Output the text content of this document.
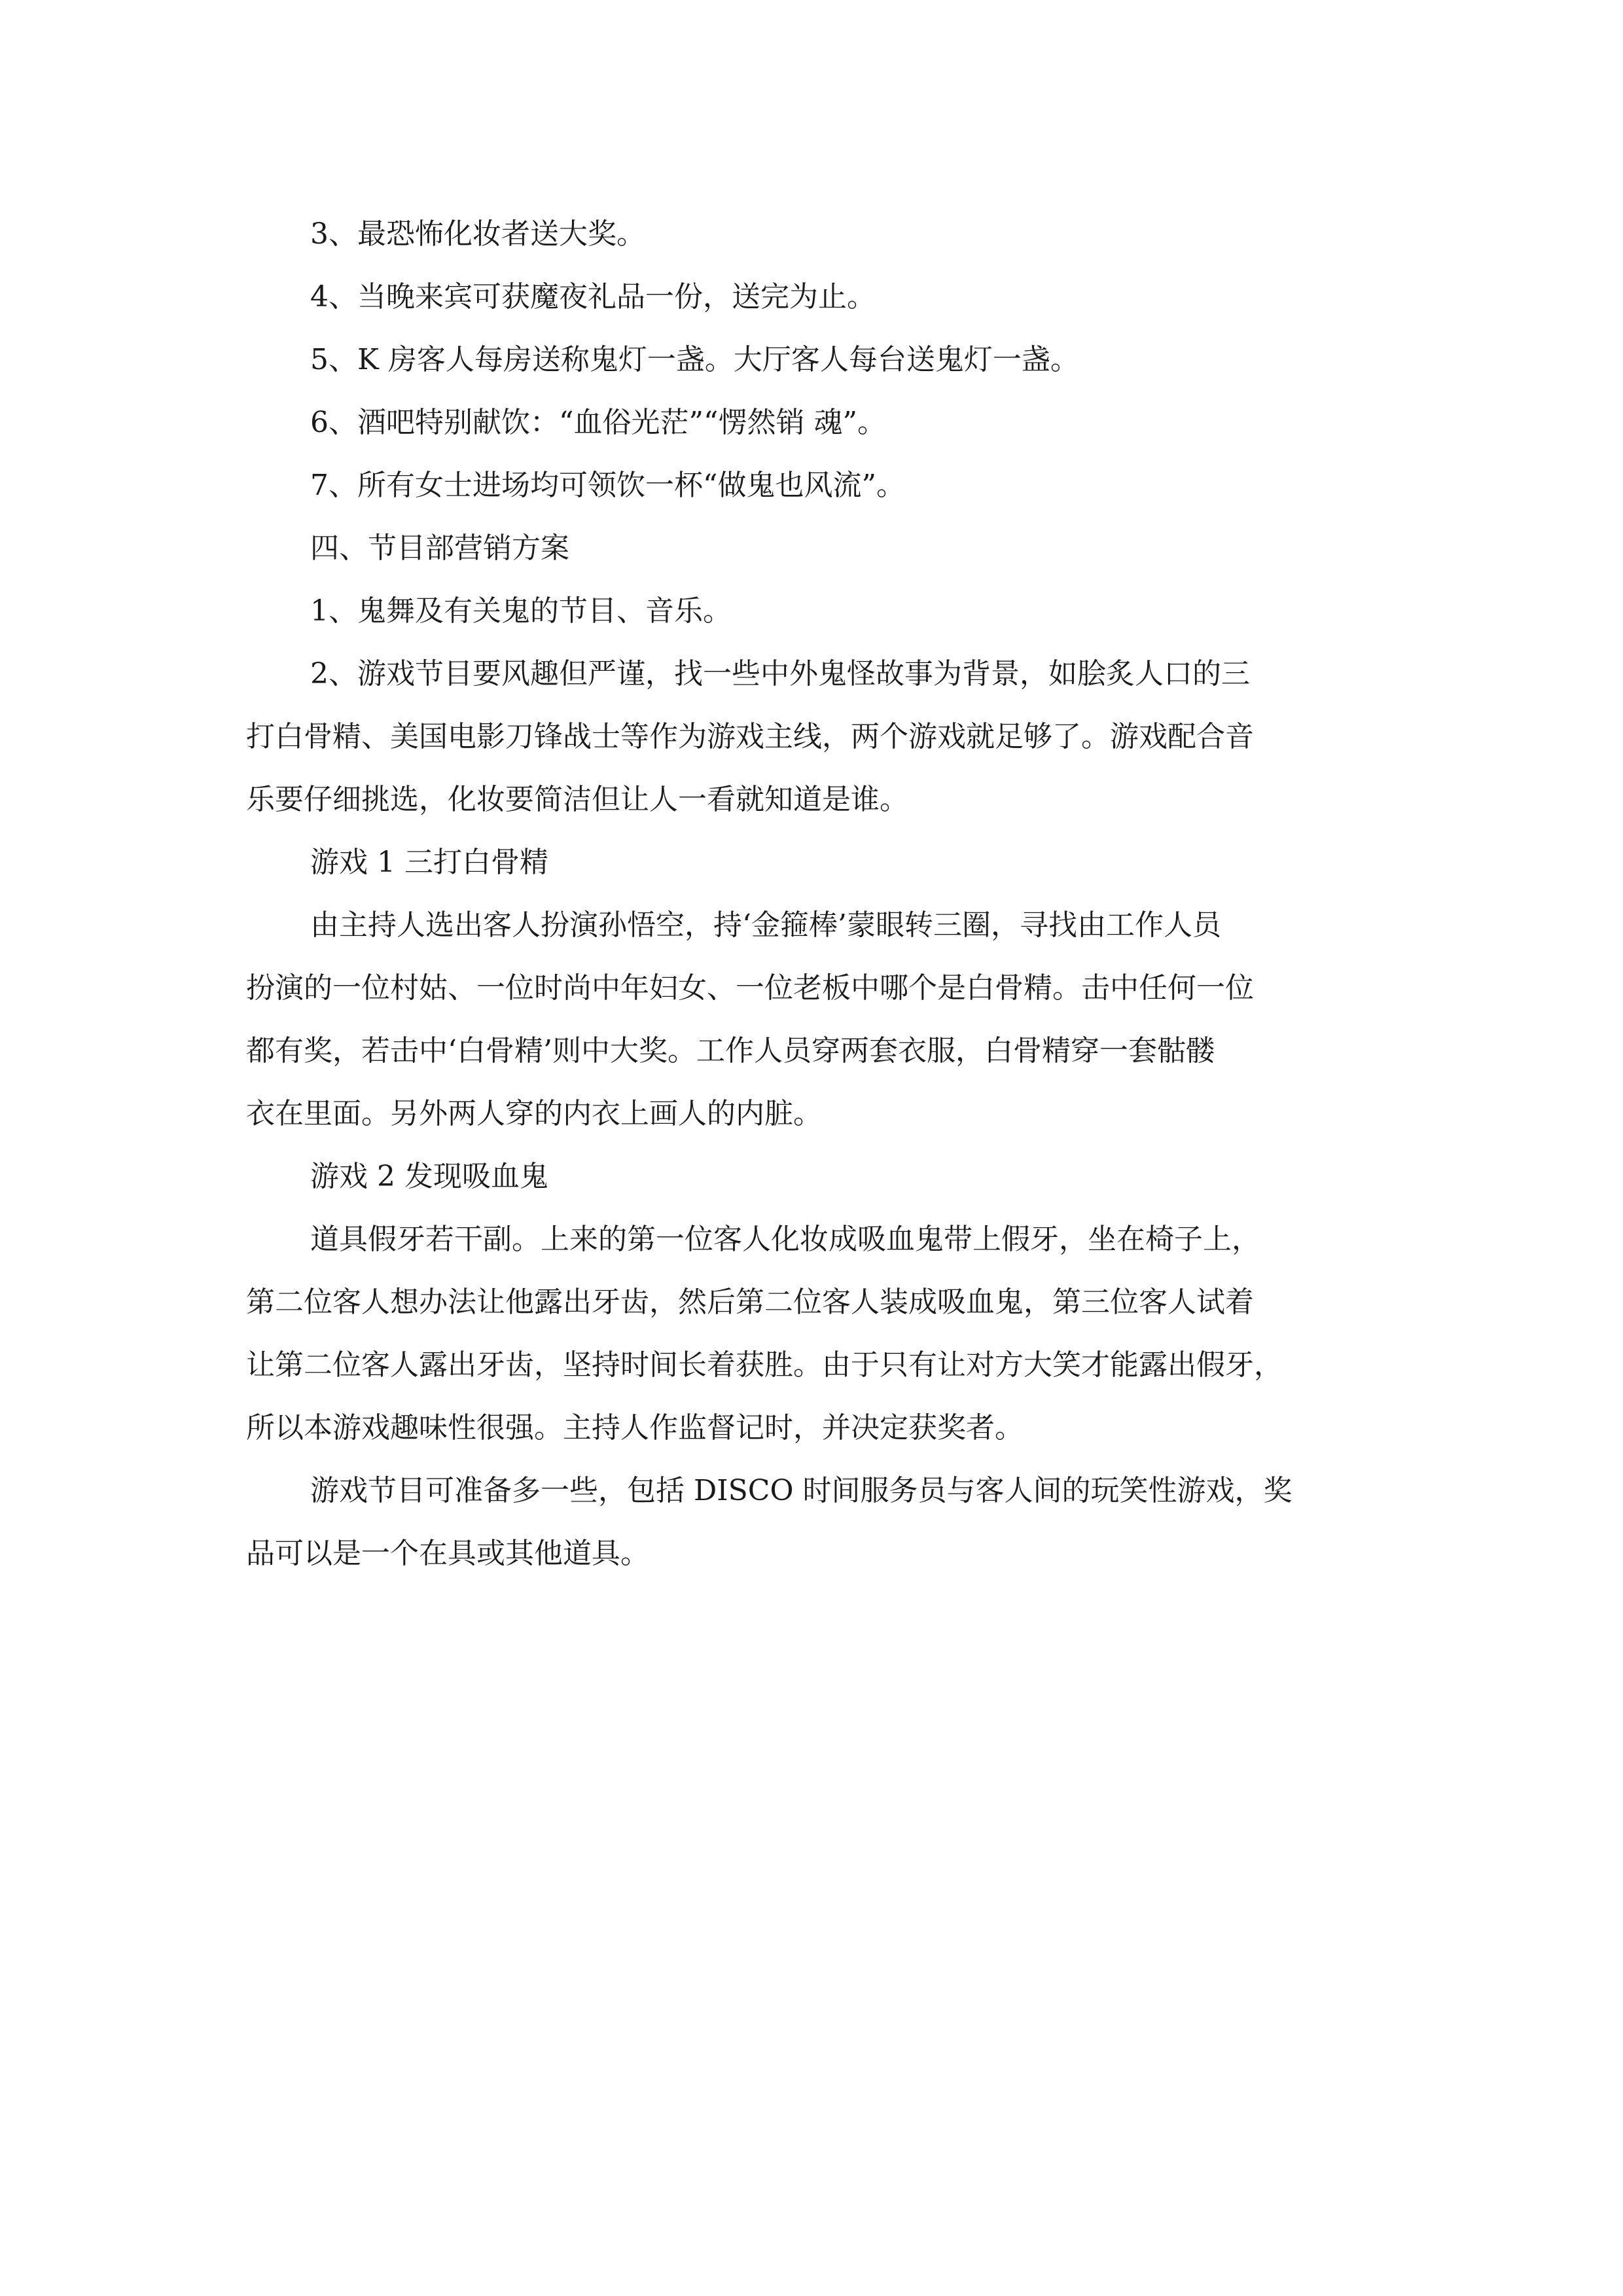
3、最恐怖化妆者送大奖。
4、当晚来宾可获魔夜礼品一份，送完为止。
5、K 房客人每房送称鬼灯一盏。大厅客人每台送鬼灯一盏。
6、酒吧特别献饮：“血俗光茫”“愣然销 魂”。
7、所有女士进场均可领饮一杯“做鬼也风流”。
四、节目部营销方案
1、鬼舞及有关鬼的节目、音乐。
2、游戏节目要风趣但严谨，找一些中外鬼怪故事为背景，如脍炙人口的三
打白骨精、美国电影刀锋战士等作为游戏主线，两个游戏就足够了。游戏配合音
乐要仔细挑选，化妆要简洁但让人一看就知道是谁。
游戏 1 三打白骨精
由主持人选出客人扮演孙悟空，持‘金箍棒’蒙眼转三圈，寻找由工作人员
扮演的一位村姑、一位时尚中年妇女、一位老板中哪个是白骨精。击中任何一位
都有奖，若击中‘白骨精’则中大奖。工作人员穿两套衣服，白骨精穿一套骷髅
衣在里面。另外两人穿的内衣上画人的内脏。
游戏 2 发现吸血鬼
道具假牙若干副。上来的第一位客人化妆成吸血鬼带上假牙，坐在椅子上，
第二位客人想办法让他露出牙齿，然后第二位客人装成吸血鬼，第三位客人试着
让第二位客人露出牙齿，坚持时间长着获胜。由于只有让对方大笑才能露出假牙，
所以本游戏趣味性很强。主持人作监督记时，并决定获奖者。
游戏节目可准备多一些，包括 DISCO 时间服务员与客人间的玩笑性游戏，奖
品可以是一个在具或其他道具。
